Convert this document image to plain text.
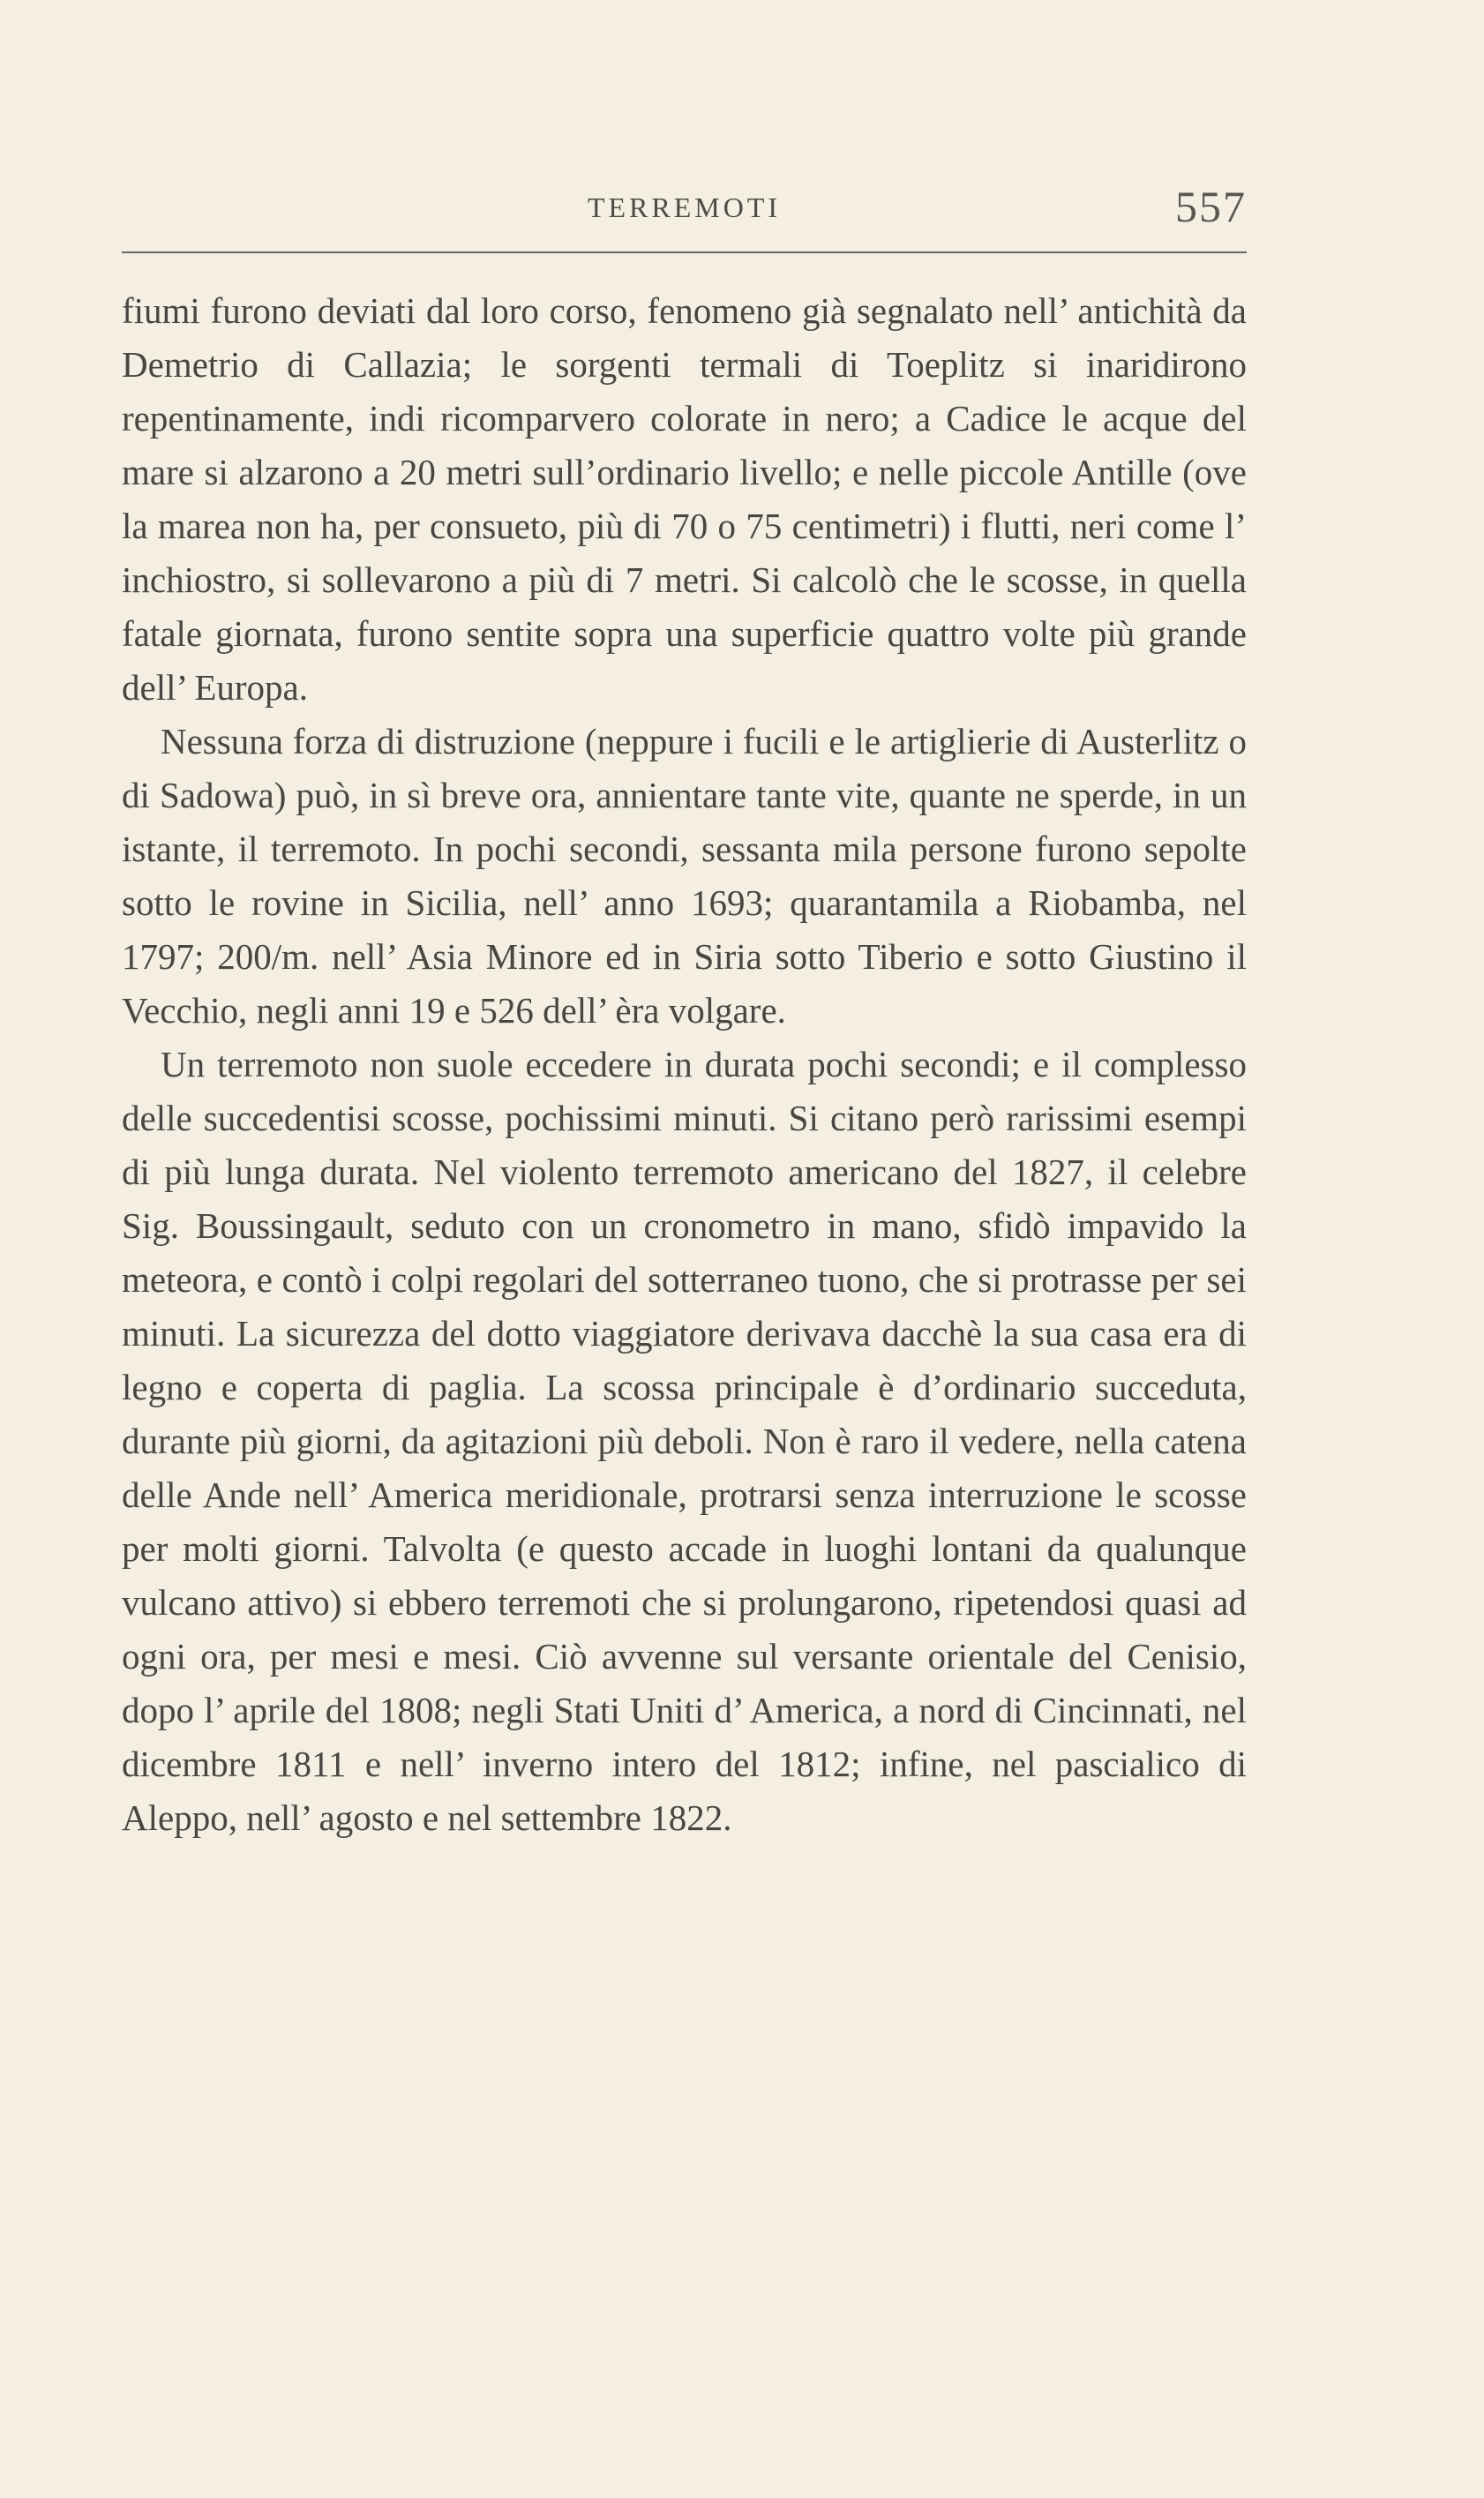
TERREMOTI	557

fiumi furono deviati dal loro corso, fenomeno già segnalato nell’ antichità da Demetrio di Callazia; le sorgenti termali di Toeplitz si inaridirono repentinamente, indi ricomparvero colorate in nero; a Cadice le acque del mare si alzarono a 20 metri sull’ordinario livello; e nelle piccole Antille (ove la marea non ha, per consueto, più di 70 o 75 centimetri) i flutti, neri come l’ inchiostro, si sollevarono a più di 7 metri. Si calcolò che le scosse, in quella fatale giornata, furono sentite sopra una superficie quattro volte più grande dell’ Europa.

Nessuna forza di distruzione (neppure i fucili e le artiglierie di Austerlitz o di Sadowa) può, in sì breve ora, annientare tante vite, quante ne sperde, in un istante, il terremoto. In pochi secondi, sessanta mila persone furono sepolte sotto le rovine in Sicilia, nell’ anno 1693; quarantamila a Riobamba, nel 1797; 200/m. nell’ Asia Minore ed in Siria sotto Tiberio e sotto Giustino il Vecchio, negli anni 19 e 526 dell’ èra volgare.

Un terremoto non suole eccedere in durata pochi secondi; e il complesso delle succedentisi scosse, pochissimi minuti. Si citano però rarissimi esempi di più lunga durata. Nel violento terremoto americano del 1827, il celebre Sig. Boussingault, seduto con un cronometro in mano, sfidò impavido la meteora, e contò i colpi regolari del sotterraneo tuono, che si protrasse per sei minuti. La sicurezza del dotto viaggiatore derivava dacchè la sua casa era di legno e coperta di paglia. La scossa principale è d’ordinario succeduta, durante più giorni, da agitazioni più deboli. Non è raro il vedere, nella catena delle Ande nell’ America meridionale, protrarsi senza interruzione le scosse per molti giorni. Talvolta (e questo accade in luoghi lontani da qualunque vulcano attivo) si ebbero terremoti che si prolungarono, ripetendosi quasi ad ogni ora, per mesi e mesi. Ciò avvenne sul versante orientale del Cenisio, dopo l’ aprile del 1808; negli Stati Uniti d’ America, a nord di Cincinnati, nel dicembre 1811 e nell’ inverno intero del 1812; infine, nel pascialico di Aleppo, nell’ agosto e nel settembre 1822.
